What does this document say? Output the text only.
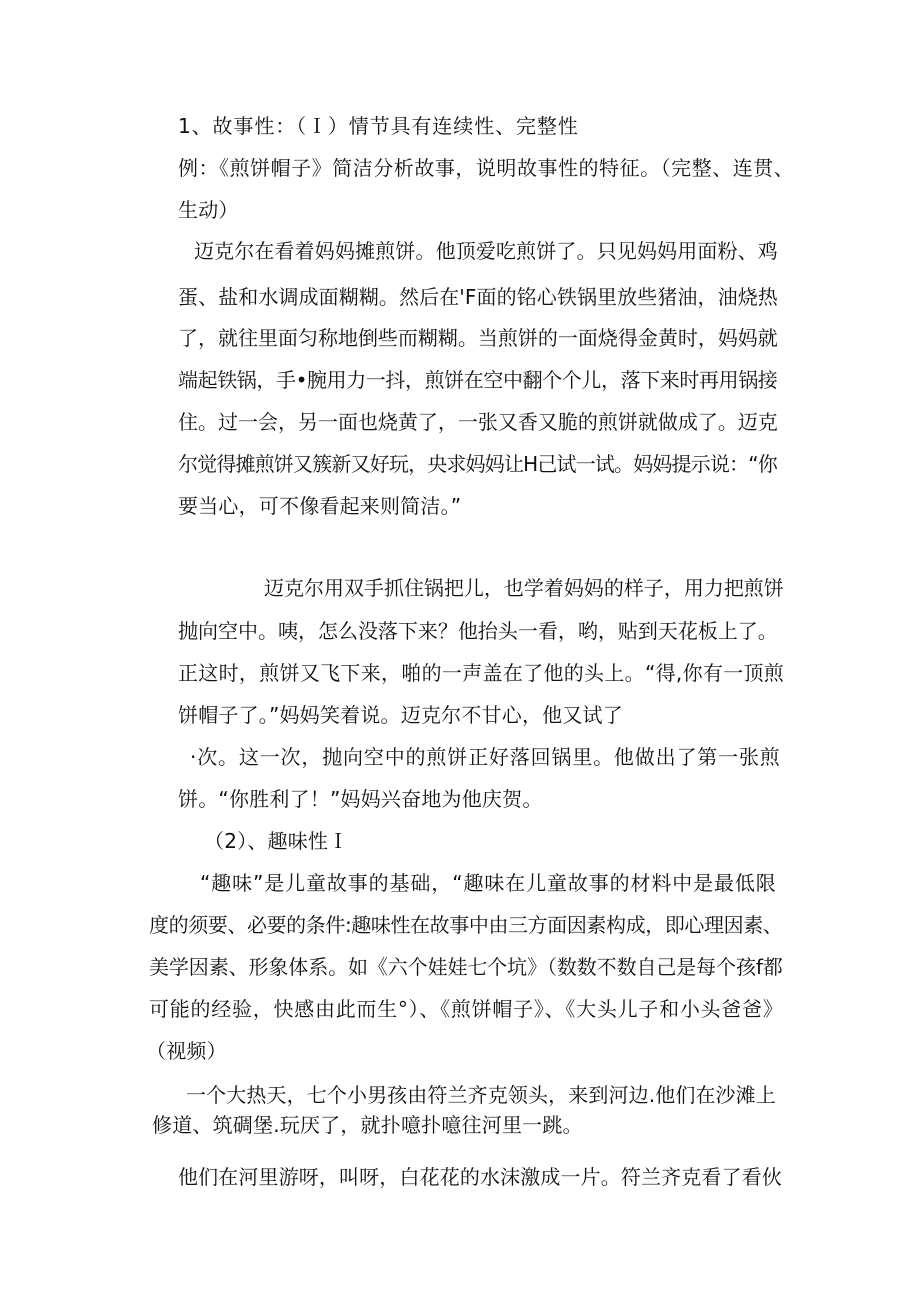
1、故事性：（Ｉ）情节具有连续性、完整性
例：《煎饼帽子》简洁分析故事，说明故事性的特征。（完整、连贯、
生动）
迈克尔在看着妈妈摊煎饼。他顶爱吃煎饼了。只见妈妈用面粉、鸡
蛋、盐和水调成面糊糊。然后在'F面的铭心铁锅里放些猪油，油烧热
了，就往里面匀称地倒些而糊糊。当煎饼的一面烧得金黄时，妈妈就
端起铁锅，手•腕用力一抖，煎饼在空中翻个个儿，落下来时再用锅接
住。过一会，另一面也烧黄了，一张又香又脆的煎饼就做成了。迈克
尔觉得摊煎饼又簇新又好玩，央求妈妈让H己试一试。妈妈提示说：“你
要当心，可不像看起来则简洁。”
迈克尔用双手抓住锅把儿，也学着妈妈的样子，用力把煎饼
抛向空中。咦，怎么没落下来？他抬头一看，哟，贴到天花板上了。
正这时，煎饼又飞下来，啪的一声盖在了他的头上。“得,你有一顶煎
饼帽子了。”妈妈笑着说。迈克尔不甘心，他又试了
·次。这一次，抛向空中的煎饼正好落回锅里。他做出了第一张煎
饼。“你胜利了！”妈妈兴奋地为他庆贺。
（2）、趣味性Ｉ
“趣味”是儿童故事的基础，“趣味在儿童故事的材料中是最低限
度的须要、必要的条件:趣味性在故事中由三方面因素构成，即心理因素、
美学因素、形象体系。如《六个娃娃七个坑》（数数不数自己是每个孩f都
可能的经验，快感由此而生°）、《煎饼帽子》、《大头儿子和小头爸爸》
（视频）
一个大热天，七个小男孩由符兰齐克领头，来到河边.他们在沙滩上
修道、筑碉堡.玩厌了，就扑噫扑噫往河里一跳。
他们在河里游呀，叫呀，白花花的水沫激成一片。符兰齐克看了看伙
